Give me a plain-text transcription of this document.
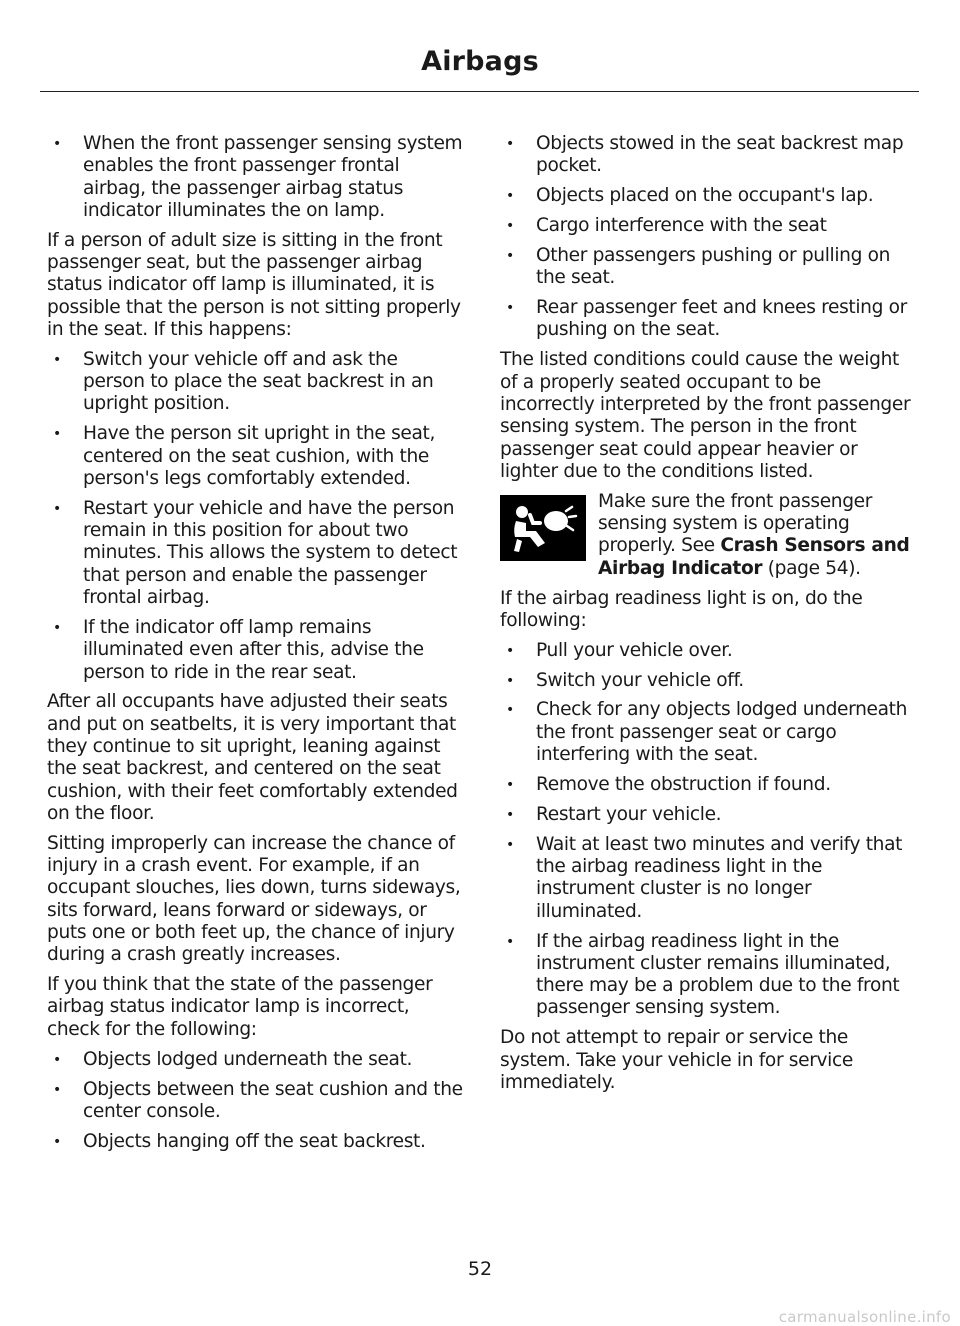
Airbags
• When the front passenger sensing system enables the front passenger frontal airbag, the passenger airbag status indicator illuminates the on lamp.

If a person of adult size is sitting in the front passenger seat, but the passenger airbag status indicator off lamp is illuminated, it is possible that the person is not sitting properly in the seat. If this happens:

• Switch your vehicle off and ask the person to place the seat backrest in an upright position.
• Have the person sit upright in the seat, centered on the seat cushion, with the person's legs comfortably extended.
• Restart your vehicle and have the person remain in this position for about two minutes. This allows the system to detect that person and enable the passenger frontal airbag.
• If the indicator off lamp remains illuminated even after this, advise the person to ride in the rear seat.

After all occupants have adjusted their seats and put on seatbelts, it is very important that they continue to sit upright, leaning against the seat backrest, and centered on the seat cushion, with their feet comfortably extended on the floor.

Sitting improperly can increase the chance of injury in a crash event. For example, if an occupant slouches, lies down, turns sideways, sits forward, leans forward or sideways, or puts one or both feet up, the chance of injury during a crash greatly increases.

If you think that the state of the passenger airbag status indicator lamp is incorrect, check for the following:

• Objects lodged underneath the seat.
• Objects between the seat cushion and the center console.
• Objects hanging off the seat backrest.
• Objects stowed in the seat backrest map pocket.
• Objects placed on the occupant's lap.
• Cargo interference with the seat
• Other passengers pushing or pulling on the seat.
• Rear passenger feet and knees resting or pushing on the seat.

The listed conditions could cause the weight of a properly seated occupant to be incorrectly interpreted by the front passenger sensing system. The person in the front passenger seat could appear heavier or lighter due to the conditions listed.

Make sure the front passenger sensing system is operating properly. See Crash Sensors and Airbag Indicator (page 54).

If the airbag readiness light is on, do the following:

• Pull your vehicle over.
• Switch your vehicle off.
• Check for any objects lodged underneath the front passenger seat or cargo interfering with the seat.
• Remove the obstruction if found.
• Restart your vehicle.
• Wait at least two minutes and verify that the airbag readiness light in the instrument cluster is no longer illuminated.
• If the airbag readiness light in the instrument cluster remains illuminated, there may be a problem due to the front passenger sensing system.

Do not attempt to repair or service the system. Take your vehicle in for service immediately.

52
carmanualsonline.info
